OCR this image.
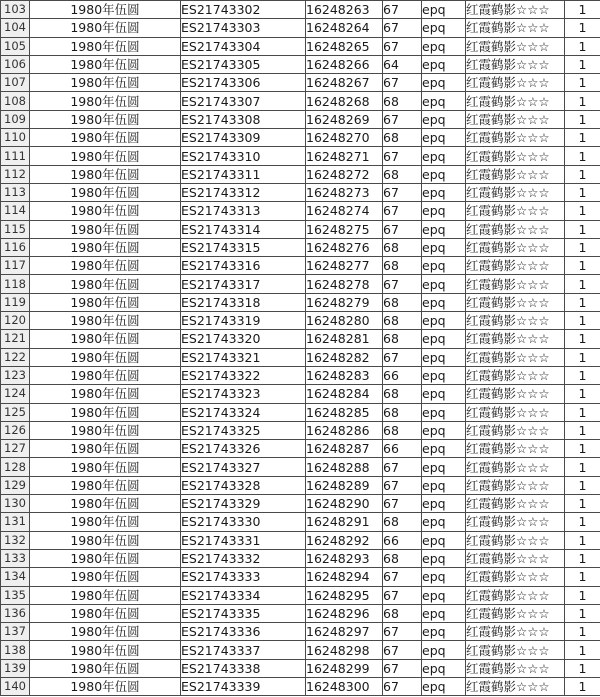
103	1980年伍圆	ES21743302	16248263	67	epq	红霞鹤影☆☆☆	1
104	1980年伍圆	ES21743303	16248264	67	epq	红霞鹤影☆☆☆	1
105	1980年伍圆	ES21743304	16248265	67	epq	红霞鹤影☆☆☆	1
106	1980年伍圆	ES21743305	16248266	64	epq	红霞鹤影☆☆☆	1
107	1980年伍圆	ES21743306	16248267	67	epq	红霞鹤影☆☆☆	1
108	1980年伍圆	ES21743307	16248268	68	epq	红霞鹤影☆☆☆	1
109	1980年伍圆	ES21743308	16248269	67	epq	红霞鹤影☆☆☆	1
110	1980年伍圆	ES21743309	16248270	68	epq	红霞鹤影☆☆☆	1
111	1980年伍圆	ES21743310	16248271	67	epq	红霞鹤影☆☆☆	1
112	1980年伍圆	ES21743311	16248272	68	epq	红霞鹤影☆☆☆	1
113	1980年伍圆	ES21743312	16248273	67	epq	红霞鹤影☆☆☆	1
114	1980年伍圆	ES21743313	16248274	67	epq	红霞鹤影☆☆☆	1
115	1980年伍圆	ES21743314	16248275	67	epq	红霞鹤影☆☆☆	1
116	1980年伍圆	ES21743315	16248276	68	epq	红霞鹤影☆☆☆	1
117	1980年伍圆	ES21743316	16248277	68	epq	红霞鹤影☆☆☆	1
118	1980年伍圆	ES21743317	16248278	67	epq	红霞鹤影☆☆☆	1
119	1980年伍圆	ES21743318	16248279	68	epq	红霞鹤影☆☆☆	1
120	1980年伍圆	ES21743319	16248280	68	epq	红霞鹤影☆☆☆	1
121	1980年伍圆	ES21743320	16248281	68	epq	红霞鹤影☆☆☆	1
122	1980年伍圆	ES21743321	16248282	67	epq	红霞鹤影☆☆☆	1
123	1980年伍圆	ES21743322	16248283	66	epq	红霞鹤影☆☆☆	1
124	1980年伍圆	ES21743323	16248284	68	epq	红霞鹤影☆☆☆	1
125	1980年伍圆	ES21743324	16248285	68	epq	红霞鹤影☆☆☆	1
126	1980年伍圆	ES21743325	16248286	68	epq	红霞鹤影☆☆☆	1
127	1980年伍圆	ES21743326	16248287	66	epq	红霞鹤影☆☆☆	1
128	1980年伍圆	ES21743327	16248288	67	epq	红霞鹤影☆☆☆	1
129	1980年伍圆	ES21743328	16248289	67	epq	红霞鹤影☆☆☆	1
130	1980年伍圆	ES21743329	16248290	67	epq	红霞鹤影☆☆☆	1
131	1980年伍圆	ES21743330	16248291	68	epq	红霞鹤影☆☆☆	1
132	1980年伍圆	ES21743331	16248292	66	epq	红霞鹤影☆☆☆	1
133	1980年伍圆	ES21743332	16248293	68	epq	红霞鹤影☆☆☆	1
134	1980年伍圆	ES21743333	16248294	67	epq	红霞鹤影☆☆☆	1
135	1980年伍圆	ES21743334	16248295	67	epq	红霞鹤影☆☆☆	1
136	1980年伍圆	ES21743335	16248296	68	epq	红霞鹤影☆☆☆	1
137	1980年伍圆	ES21743336	16248297	67	epq	红霞鹤影☆☆☆	1
138	1980年伍圆	ES21743337	16248298	67	epq	红霞鹤影☆☆☆	1
139	1980年伍圆	ES21743338	16248299	67	epq	红霞鹤影☆☆☆	1
140	1980年伍圆	ES21743339	16248300	67	epq	红霞鹤影☆☆☆	1
